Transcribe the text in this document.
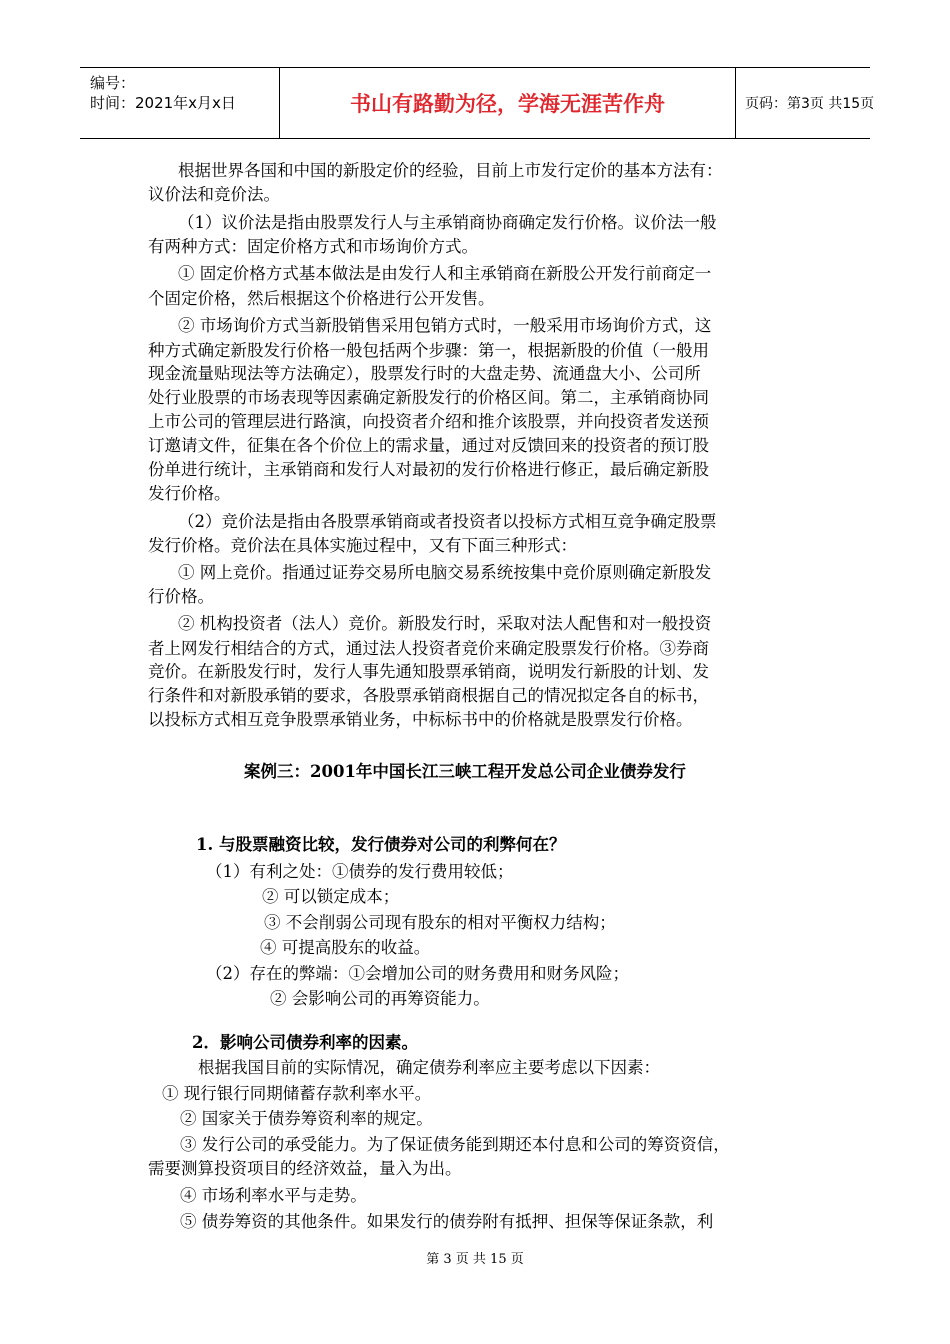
编号：
时间：2021年x月x日	书山有路勤为径，学海无涯苦作舟	页码：第3页 共15页
根据世界各国和中国的新股定价的经验，目前上市发行定价的基本方法有：
议价法和竞价法。
（1）议价法是指由股票发行人与主承销商协商确定发行价格。议价法一般
有两种方式：固定价格方式和市场询价方式。
① 固定价格方式基本做法是由发行人和主承销商在新股公开发行前商定一
个固定价格，然后根据这个价格进行公开发售。
② 市场询价方式当新股销售采用包销方式时，一般采用市场询价方式，这
种方式确定新股发行价格一般包括两个步骤：第一，根据新股的价值（一般用
现金流量贴现法等方法确定），股票发行时的大盘走势、流通盘大小、公司所
处行业股票的市场表现等因素确定新股发行的价格区间。第二，主承销商协同
上市公司的管理层进行路演，向投资者介绍和推介该股票，并向投资者发送预
订邀请文件，征集在各个价位上的需求量，通过对反馈回来的投资者的预订股
份单进行统计，主承销商和发行人对最初的发行价格进行修正，最后确定新股
发行价格。
（2）竞价法是指由各股票承销商或者投资者以投标方式相互竞争确定股票
发行价格。竞价法在具体实施过程中，又有下面三种形式：
① 网上竞价。指通过证券交易所电脑交易系统按集中竞价原则确定新股发
行价格。
② 机构投资者（法人）竞价。新股发行时，采取对法人配售和对一般投资
者上网发行相结合的方式，通过法人投资者竞价来确定股票发行价格。③券商
竞价。在新股发行时，发行人事先通知股票承销商，说明发行新股的计划、发
行条件和对新股承销的要求，各股票承销商根据自己的情况拟定各自的标书，
以投标方式相互竞争股票承销业务，中标标书中的价格就是股票发行价格。
案例三：2001年中国长江三峡工程开发总公司企业债券发行
1. 与股票融资比较，发行债券对公司的利弊何在？
（1）有利之处：①债券的发行费用较低；
② 可以锁定成本；
③ 不会削弱公司现有股东的相对平衡权力结构；
④ 可提高股东的收益。
（2）存在的弊端：①会增加公司的财务费用和财务风险；
② 会影响公司的再筹资能力。
2．影响公司债券利率的因素。
根据我国目前的实际情况，确定债券利率应主要考虑以下因素：
① 现行银行同期储蓄存款利率水平。
② 国家关于债券筹资利率的规定。
③ 发行公司的承受能力。为了保证债务能到期还本付息和公司的筹资资信，
需要测算投资项目的经济效益，量入为出。
④ 市场利率水平与走势。
⑤ 债券筹资的其他条件。如果发行的债券附有抵押、担保等保证条款，利
第 3 页 共 15 页
